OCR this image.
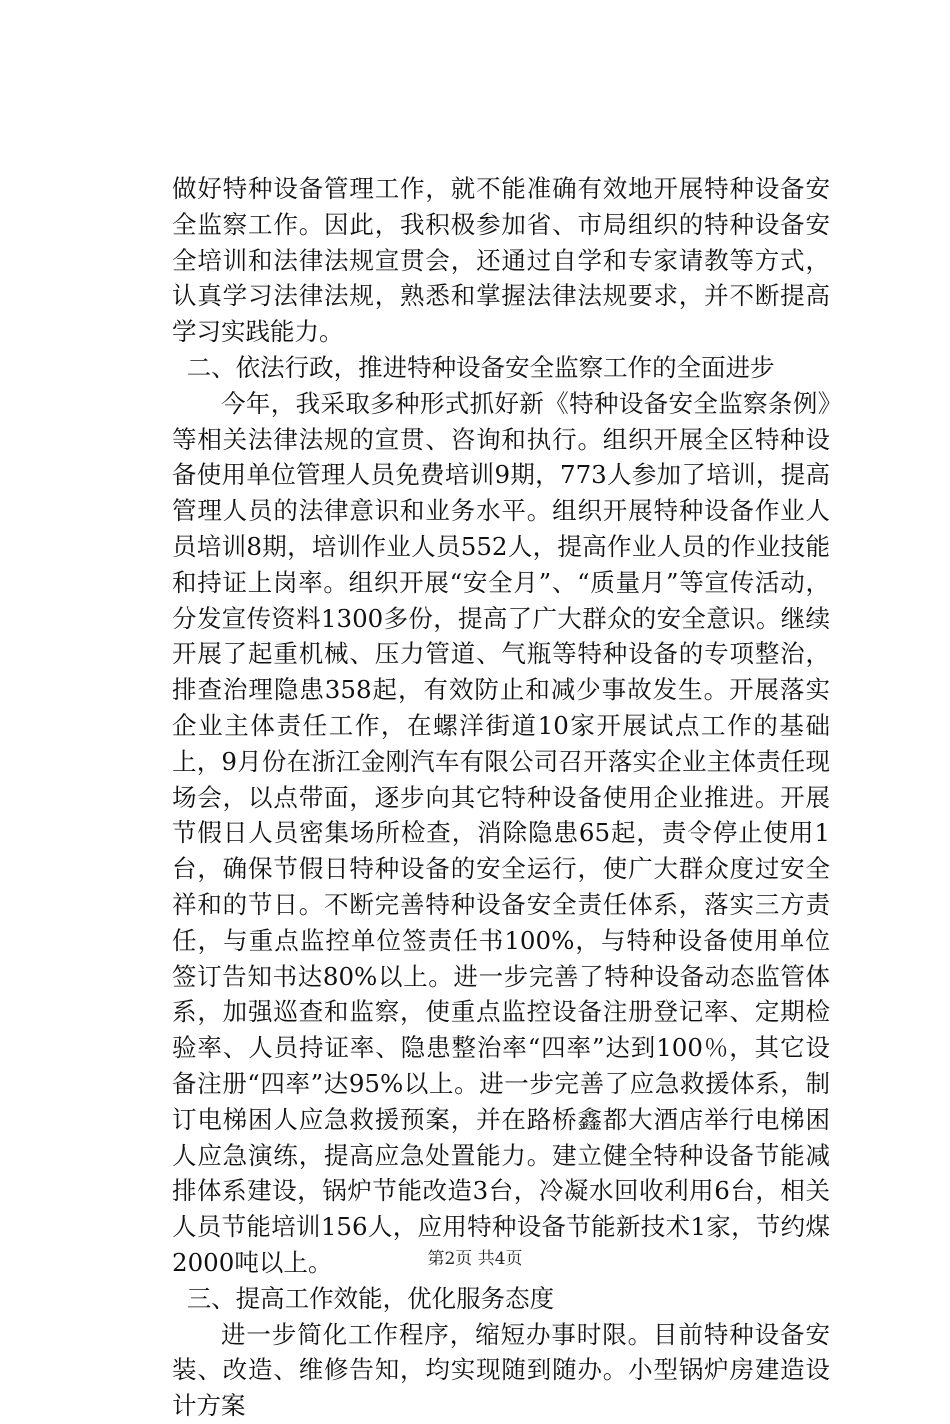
做好特种设备管理工作，就不能准确有效地开展特种设备安全监察工作。因此，我积极参加省、市局组织的特种设备安全培训和法律法规宣贯会，还通过自学和专家请教等方式，认真学习法律法规，熟悉和掌握法律法规要求，并不断提高学习实践能力。

二、依法行政，推进特种设备安全监察工作的全面进步

今年，我采取多种形式抓好新《特种设备安全监察条例》等相关法律法规的宣贯、咨询和执行。组织开展全区特种设备使用单位管理人员免费培训9期，773人参加了培训，提高管理人员的法律意识和业务水平。组织开展特种设备作业人员培训8期，培训作业人员552人，提高作业人员的作业技能和持证上岗率。组织开展“安全月”、“质量月”等宣传活动，分发宣传资料1300多份，提高了广大群众的安全意识。继续开展了起重机械、压力管道、气瓶等特种设备的专项整治，排查治理隐患358起，有效防止和减少事故发生。开展落实企业主体责任工作，在螺洋街道10家开展试点工作的基础上，9月份在浙江金刚汽车有限公司召开落实企业主体责任现场会，以点带面，逐步向其它特种设备使用企业推进。开展节假日人员密集场所检查，消除隐患65起，责令停止使用1台，确保节假日特种设备的安全运行，使广大群众度过安全祥和的节日。不断完善特种设备安全责任体系，落实三方责任，与重点监控单位签责任书100%，与特种设备使用单位签订告知书达80%以上。进一步完善了特种设备动态监管体系，加强巡查和监察，使重点监控设备注册登记率、定期检验率、人员持证率、隐患整治率“四率”达到100％，其它设备注册“四率”达95%以上。进一步完善了应急救援体系，制订电梯困人应急救援预案，并在路桥鑫都大酒店举行电梯困人应急演练，提高应急处置能力。建立健全特种设备节能减排体系建设，锅炉节能改造3台，冷凝水回收利用6台，相关人员节能培训156人，应用特种设备节能新技术1家，节约煤2000吨以上。

三、提高工作效能，优化服务态度

进一步简化工作程序，缩短办事时限。目前特种设备安装、改造、维修告知，均实现随到随办。小型锅炉房建造设计方案

第2页 共4页
